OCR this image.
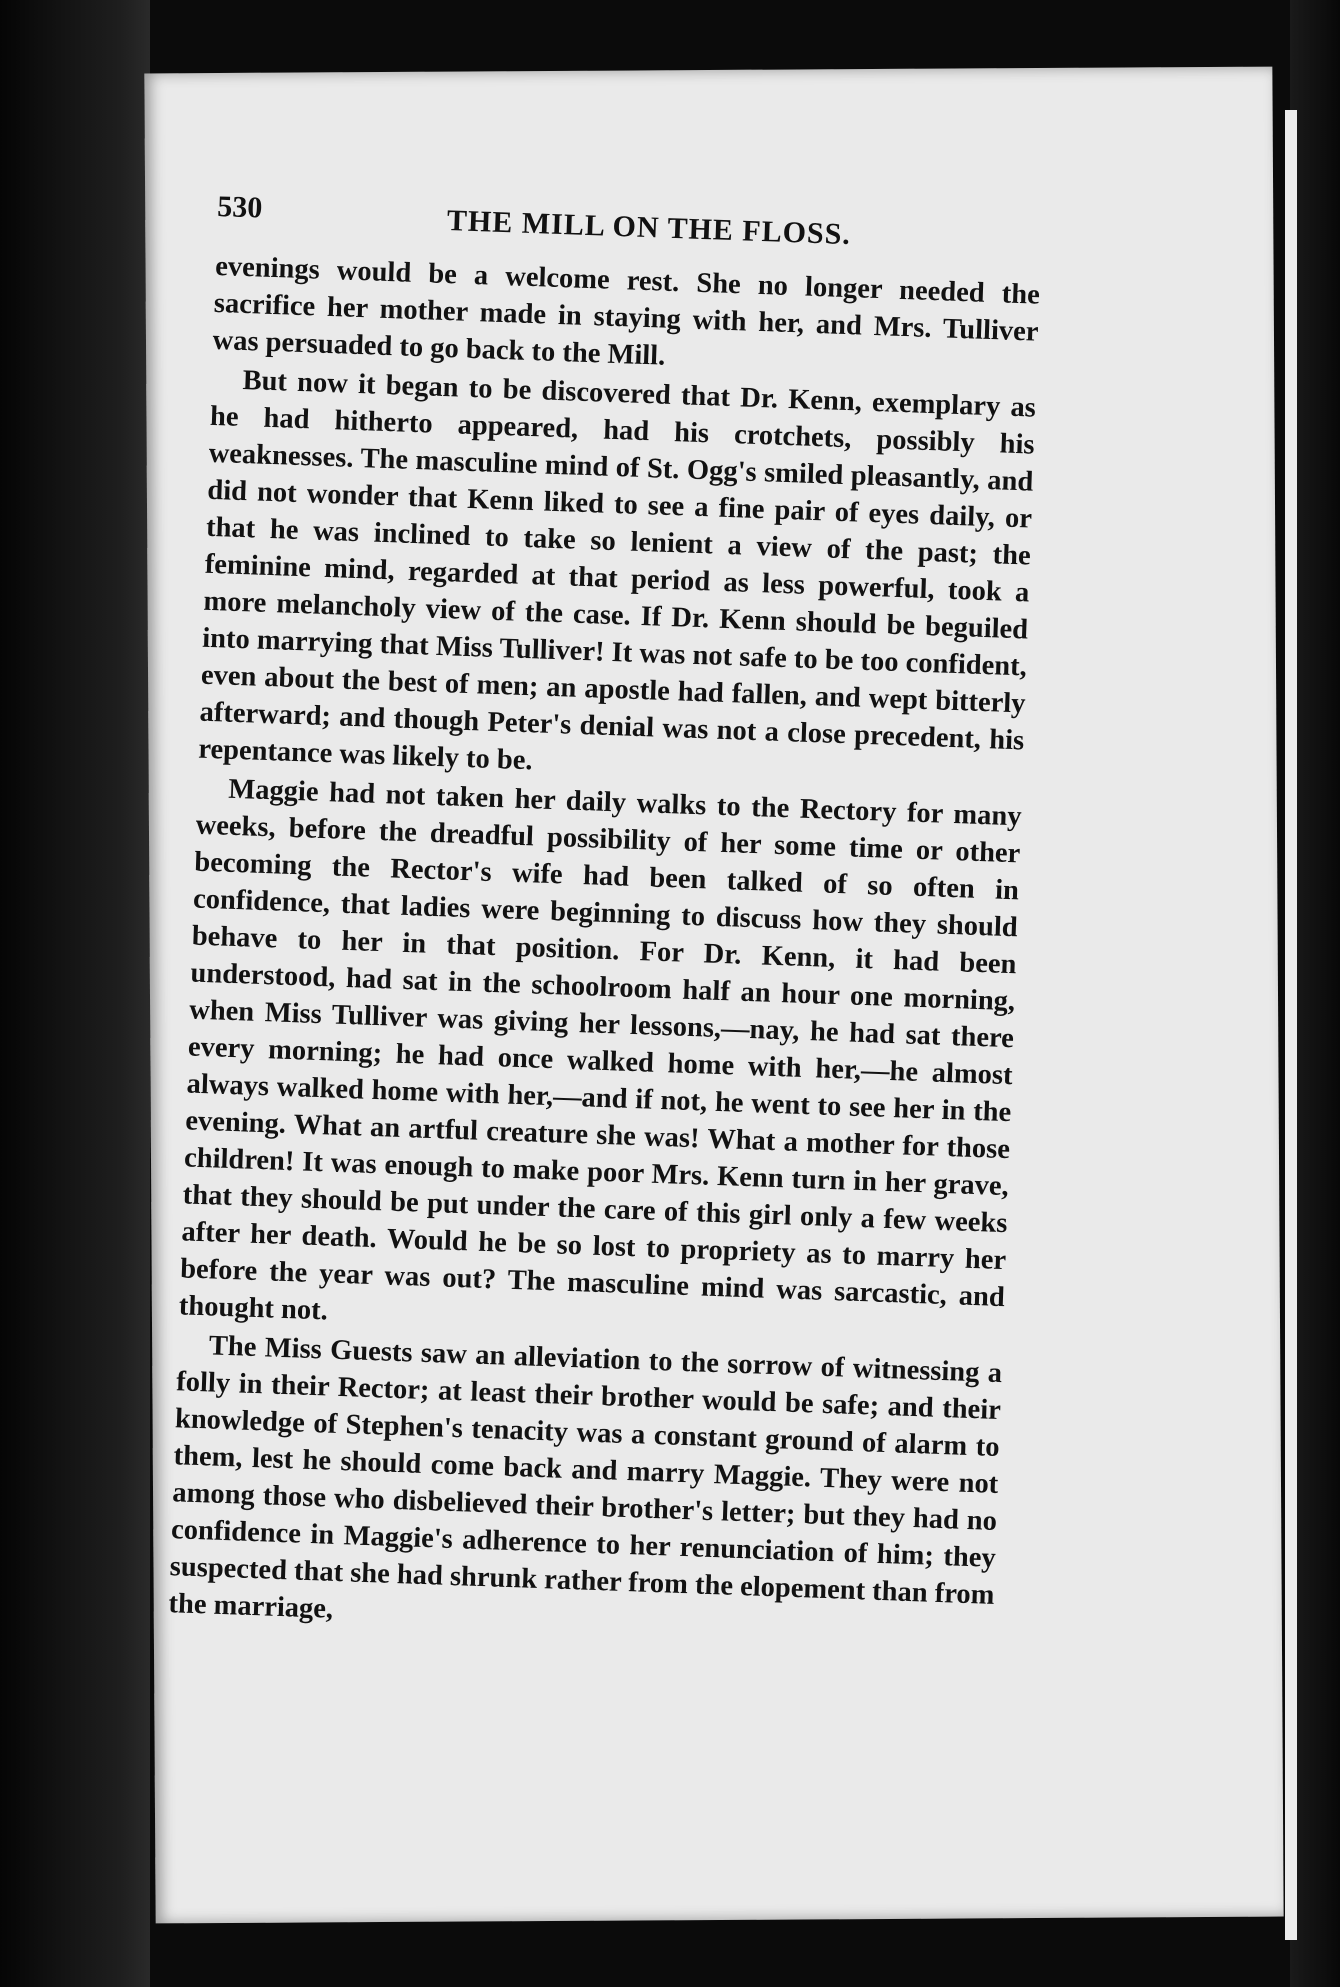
530	THE MILL ON THE FLOSS.

evenings would be a welcome rest. She no longer needed the sacrifice her mother made in staying with her, and Mrs. Tulliver was persuaded to go back to the Mill.

But now it began to be discovered that Dr. Kenn, exemplary as he had hitherto appeared, had his crotchets, possibly his weaknesses. The masculine mind of St. Ogg's smiled pleasantly, and did not wonder that Kenn liked to see a fine pair of eyes daily, or that he was inclined to take so lenient a view of the past; the feminine mind, regarded at that period as less powerful, took a more melancholy view of the case. If Dr. Kenn should be beguiled into marrying that Miss Tulliver! It was not safe to be too confident, even about the best of men; an apostle had fallen, and wept bitterly afterward; and though Peter's denial was not a close precedent, his repentance was likely to be.

Maggie had not taken her daily walks to the Rectory for many weeks, before the dreadful possibility of her some time or other becoming the Rector's wife had been talked of so often in confidence, that ladies were beginning to discuss how they should behave to her in that position. For Dr. Kenn, it had been understood, had sat in the schoolroom half an hour one morning, when Miss Tulliver was giving her lessons,—nay, he had sat there every morning; he had once walked home with her,—he almost always walked home with her,—and if not, he went to see her in the evening. What an artful creature she was! What a mother for those children! It was enough to make poor Mrs. Kenn turn in her grave, that they should be put under the care of this girl only a few weeks after her death. Would he be so lost to propriety as to marry her before the year was out? The masculine mind was sarcastic, and thought not.

The Miss Guests saw an alleviation to the sorrow of witnessing a folly in their Rector; at least their brother would be safe; and their knowledge of Stephen's tenacity was a constant ground of alarm to them, lest he should come back and marry Maggie. They were not among those who disbelieved their brother's letter; but they had no confidence in Maggie's adherence to her renunciation of him; they suspected that she had shrunk rather from the elopement than from the marriage,
